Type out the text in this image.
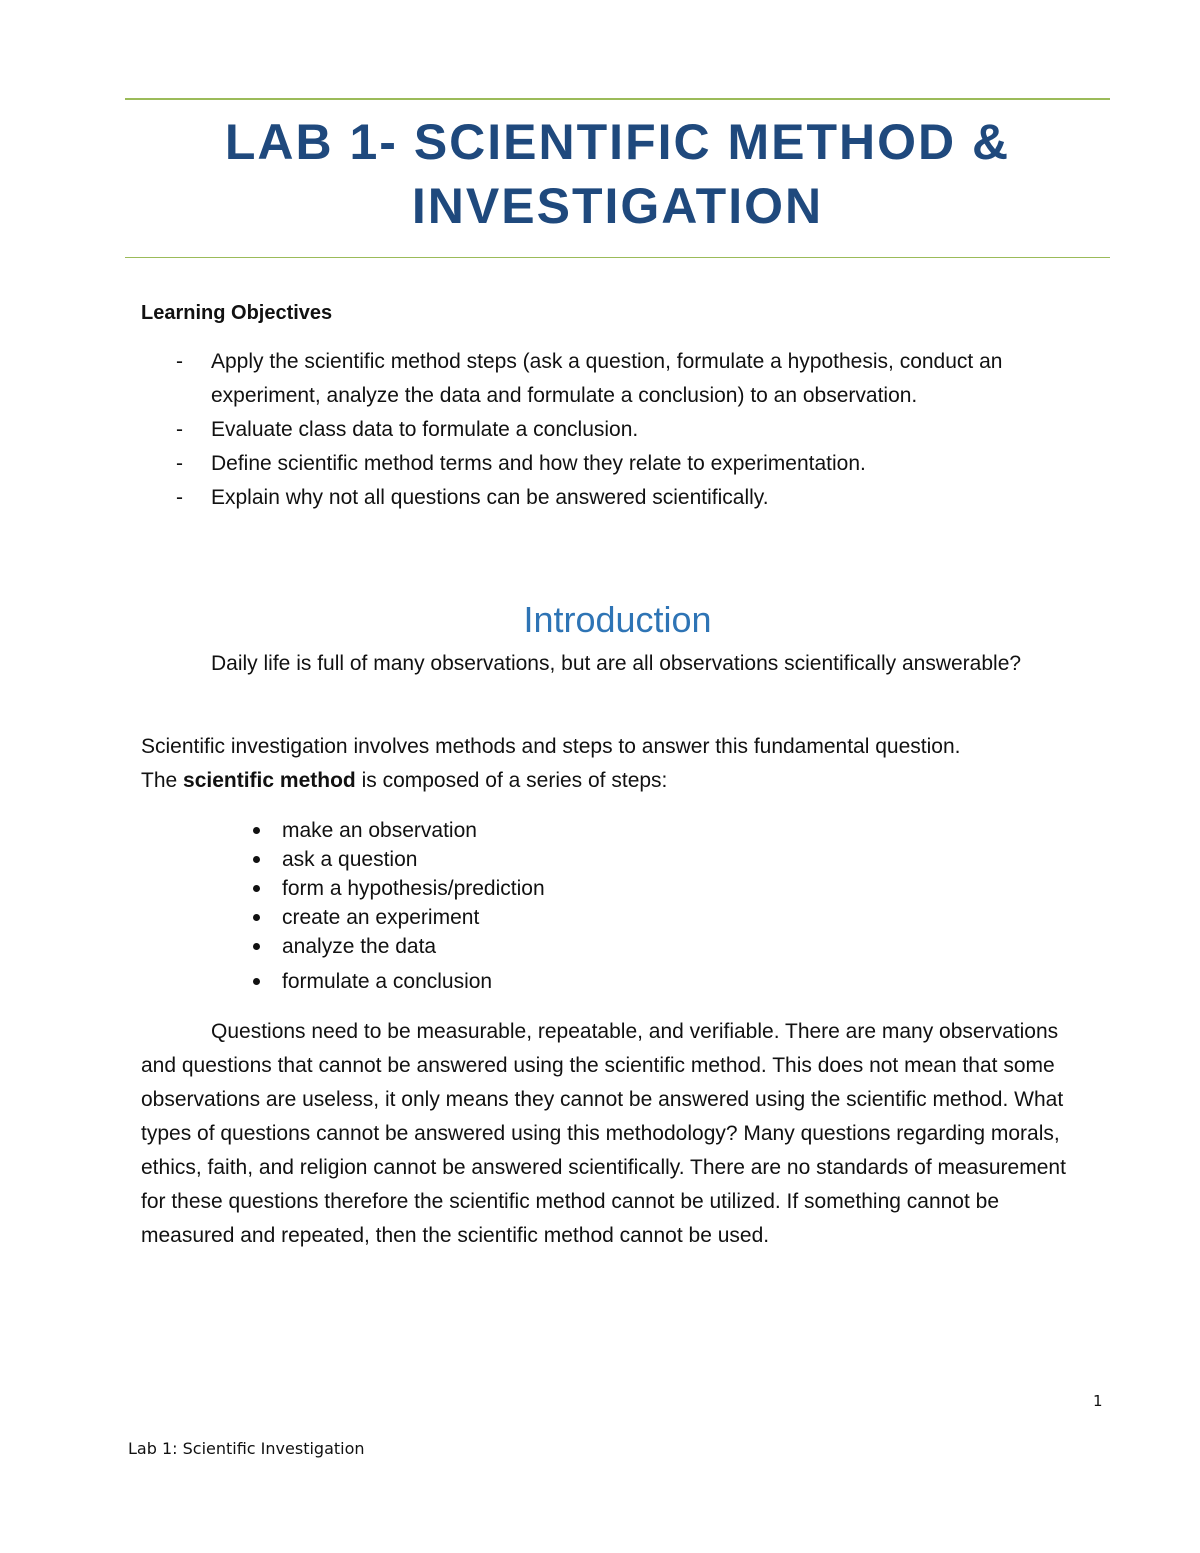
LAB 1- SCIENTIFIC METHOD &
INVESTIGATION
Learning Objectives
- Apply the scientific method steps (ask a question, formulate a hypothesis, conduct an experiment, analyze the data and formulate a conclusion) to an observation.
- Evaluate class data to formulate a conclusion.
- Define scientific method terms and how they relate to experimentation.
- Explain why not all questions can be answered scientifically.
Introduction

Daily life is full of many observations, but are all observations scientifically answerable?

Scientific investigation involves methods and steps to answer this fundamental question.
The scientific method is composed of a series of steps:

make an observation
ask a question
form a hypothesis/prediction
create an experiment
analyze the data
formulate a conclusion

Questions need to be measurable, repeatable, and verifiable. There are many observations and questions that cannot be answered using the scientific method. This does not mean that some observations are useless, it only means they cannot be answered using the scientific method. What types of questions cannot be answered using this methodology? Many questions regarding morals, ethics, faith, and religion cannot be answered scientifically. There are no standards of measurement for these questions therefore the scientific method cannot be utilized. If something cannot be measured and repeated, then the scientific method cannot be used.

1
Lab 1: Scientific Investigation
